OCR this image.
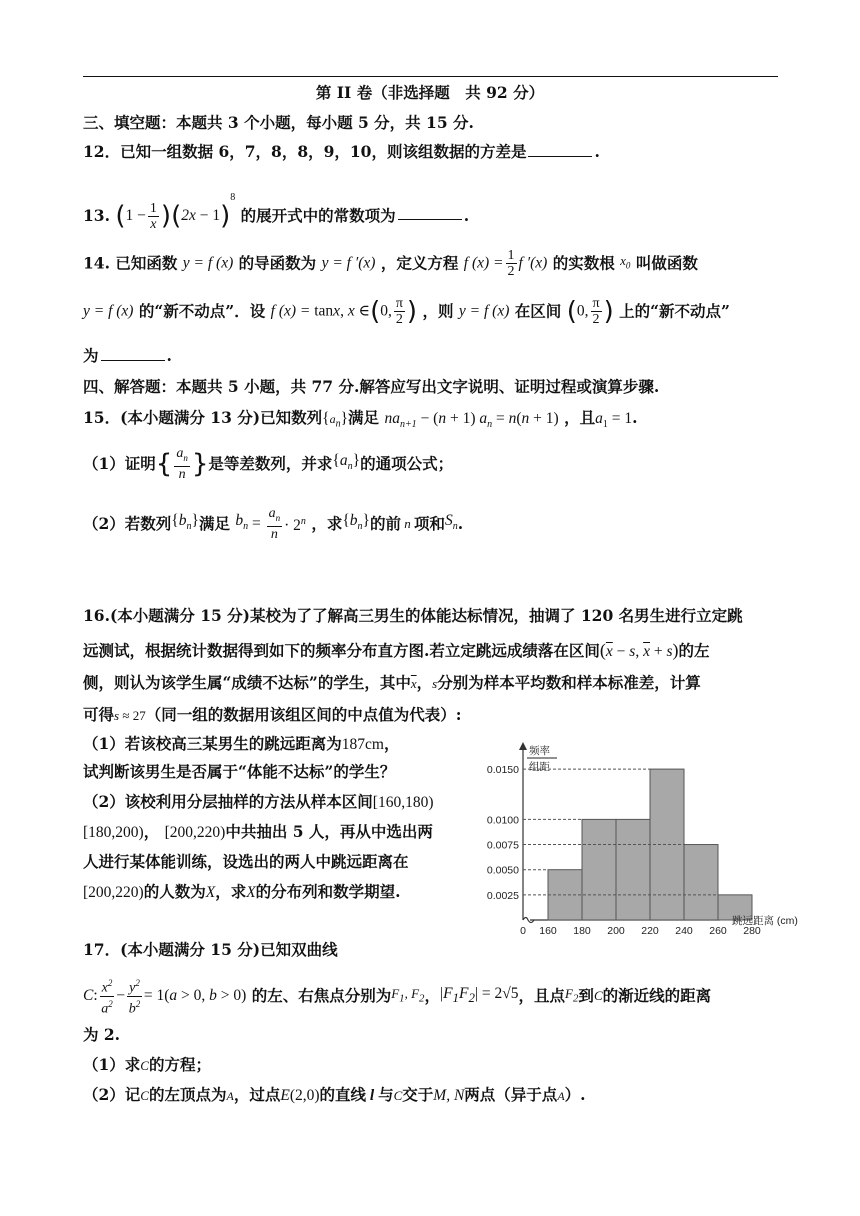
第 II 卷（非选择题　共 92 分）
三、填空题：本题共 3 个小题，每小题 5 分，共 15 分.
12．已知一组数据 6，7，8，8，9，10，则该组数据的方差是	.
13. $(1 - \frac{1}{x} )(2x - 1)^8$ 的展开式中的常数项为	.
14. 已知函数 y = f (x) 的导函数为 y = f ′(x) ，定义方程 f $(x) = \frac{1}{2}$ f ′(x) 的实数根 $x_0$ 叫做函数
y = f (x) 的“新不动点”．设 f (x) = tanx, x ∈(0, $\frac{\pi}{2}$ ) ，则 y = f (x) 在区间 (0, $\frac{\pi}{2}$ ) 上的“新不动点”
为	.
四、解答题：本题共 5 小题，共 77 分.解答应写出文字说明、证明过程或演算步骤.
15．(本小题满分 13 分)已知数列$\{a_n\}$满足 $na_{n+1} - (n + 1) a_n = n(n + 1)$ ，且$a_1 = 1$.
（1）证明{ $\frac{a_n}{n}$ }是等差数列，并求$\{a_n\}$的通项公式；
（2）若数列$\{b_n\}$满足 $b_n = \frac{a_n}{n} \cdot 2^n$ ，求$\{b_n\}$的前 n 项和$S_n$.
16.(本小题满分 15 分)某校为了了解高三男生的体能达标情况，抽调了 120 名男生进行立定跳
远测试，根据统计数据得到如下的频率分布直方图.若立定跳远成绩落在区间($\overline{x} - s$, $\overline{x} + s$)的左
侧，则认为该学生属“成绩不达标”的学生，其中$\overline{x}$，s分别为样本平均数和样本标准差，计算
可得s ≈ 27（同一组的数据用该组区间的中点值为代表）:
（1）若该校高三某男生的跳远距离为187cm，
试判断该男生是否属于“体能不达标”的学生？
（2）该校利用分层抽样的方法从样本区间[160,180)
[180,200)， [200,220)中共抽出 5 人，再从中选出两
人进行某体能训练，设选出的两人中跳远距离在
[200,220)的人数为X，求X的分布列和数学期望.	0.0025
0.0050
0.0075
0.0100
0.0150
0 160 180 200 220 240 260 280
跳远距离 (cm)
频率
组距
17．(本小题满分 15 分)已知双曲线
C: $\frac{x^2}{a^2} - \frac{y^2}{b^2} = 1(a > 0$, b > 0) 的左、右焦点分别为$F_1$, $F_2$，$|F_1F_2| = 2√5$，且点$F_2$到C的渐近线的距离
为 2.
（1）求C的方程；
（2）记C的左顶点为A，过点E(2,0)的直线 l 与C交于M, N两点（异于点A）.
